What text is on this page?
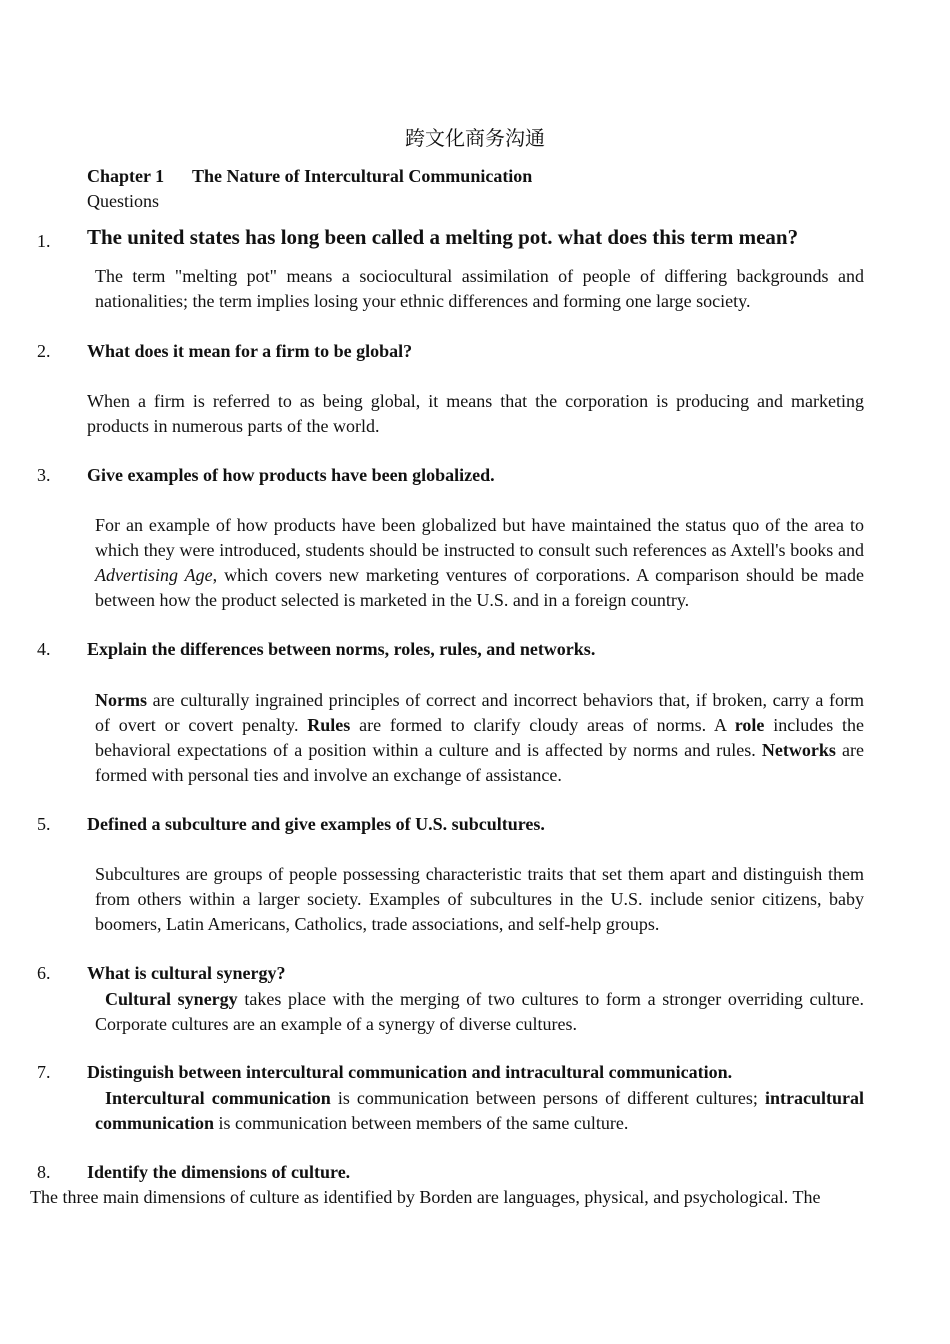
跨文化商务沟通
Chapter 1 The Nature of Intercultural Communication
Questions
1. The united states has long been called a melting pot. what does this term mean?
The term "melting pot" means a sociocultural assimilation of people of differing backgrounds and nationalities; the term implies losing your ethnic differences and forming one large society.
2. What does it mean for a firm to be global?
When a firm is referred to as being global, it means that the corporation is producing and marketing products in numerous parts of the world.
3. Give examples of how products have been globalized.
For an example of how products have been globalized but have maintained the status quo of the area to which they were introduced, students should be instructed to consult such references as Axtell's books and Advertising Age, which covers new marketing ventures of corporations. A comparison should be made between how the product selected is marketed in the U.S. and in a foreign country.
4. Explain the differences between norms, roles, rules, and networks.
Norms are culturally ingrained principles of correct and incorrect behaviors that, if broken, carry a form of overt or covert penalty. Rules are formed to clarify cloudy areas of norms. A role includes the behavioral expectations of a position within a culture and is affected by norms and rules. Networks are formed with personal ties and involve an exchange of assistance.
5. Defined a subculture and give examples of U.S. subcultures.
Subcultures are groups of people possessing characteristic traits that set them apart and distinguish them from others within a larger society. Examples of subcultures in the U.S. include senior citizens, baby boomers, Latin Americans, Catholics, trade associations, and self-help groups.
6. What is cultural synergy?
Cultural synergy takes place with the merging of two cultures to form a stronger overriding culture. Corporate cultures are an example of a synergy of diverse cultures.
7. Distinguish between intercultural communication and intracultural communication.
Intercultural communication is communication between persons of different cultures; intracultural communication is communication between members of the same culture.
8. Identify the dimensions of culture.
The three main dimensions of culture as identified by Borden are languages, physical, and psychological. The
